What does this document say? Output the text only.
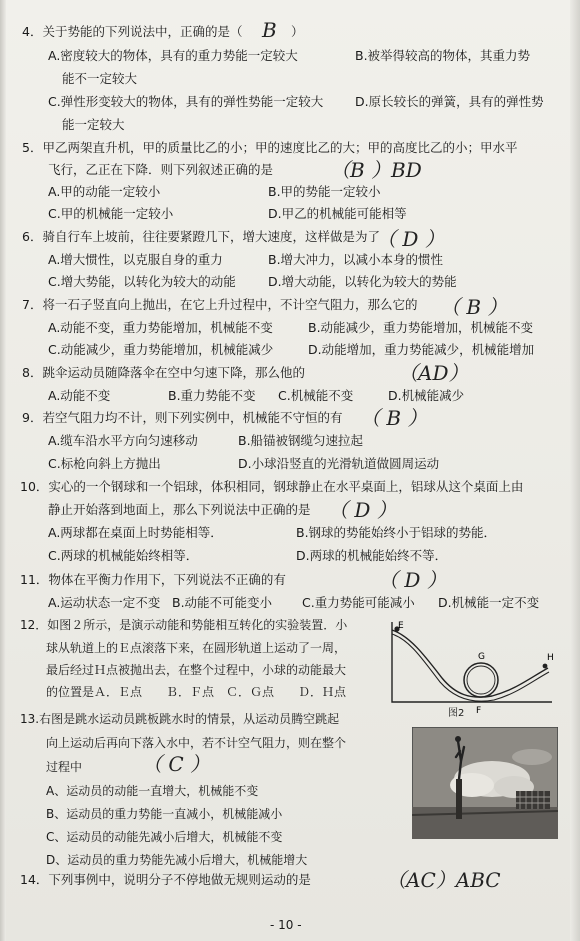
4．关于势能的下列说法中，正确的是（ B ）
A.密度较大的物体，具有的重力势能一定较大	B.被举得较高的物体，其重力势
能不一定较大
C.弹性形变较大的物体，具有的弹性势能一定较大	D.原长较长的弹簧，具有的弹性势
能一定较大
5．甲乙两架直升机，甲的质量比乙的小；甲的速度比乙的大；甲的高度比乙的小；甲水平
飞行，乙正在下降．则下列叙述正确的是	（B ）BD
A.甲的动能一定较小	B.甲的势能一定较小
C.甲的机械能一定较小	D.甲乙的机械能可能相等
6．骑自行车上坡前，往往要紧蹬几下，增大速度，这样做是为了
（ D ）
A.增大惯性，以克服自身的重力	B.增大冲力，以减小本身的惯性
C.增大势能，以转化为较大的动能	D.增大动能，以转化为较大的势能
7．将一石子竖直向上抛出，在它上升过程中，不计空气阻力，那么它的 （ B ）
A.动能不变，重力势能增加，机械能不变	B.动能减少，重力势能增加，机械能不变
C.动能减少，重力势能增加，机械能减少	D.动能增加，重力势能减少，机械能增加
8．跳伞运动员随降落伞在空中匀速下降，那么他的	（AD）
A.动能不变	B.重力势能不变 C.机械能不变	D.机械能减少
9．若空气阻力均不计，则下列实例中，机械能不守恒的有 （ B ）
A.缆车沿水平方向匀速移动	B.船锚被钢缆匀速拉起
C.标枪向斜上方抛出	D.小球沿竖直的光滑轨道做圆周运动
10．实心的一个钢球和一个铝球，体积相同，钢球静止在水平桌面上，铝球从这个桌面上由
静止开始落到地面上，那么下列说法中正确的是 （ D ）
A.两球都在桌面上时势能相等．	B.钢球的势能始终小于铝球的势能．
C.两球的机械能始终相等．	D.两球的机械能始终不等．
11．物体在平衡力作用下，下列说法不正确的有	（ D ）
A.运动状态一定不变 B.动能不可能变小 C.重力势能可能减小 D.机械能一定不变
12．如图２所示，是演示动能和势能相互转化的实验装置．小
球从轨道上的Ｅ点滚落下来，在圆形轨道上运动了一周，
最后经过Ｈ点被抛出去，在整个过程中，小球的动能最大
的位置是Ａ．Ｅ点　　Ｂ．Ｆ点　Ｃ．Ｇ点　　Ｄ．Ｈ点
E
G
F
H
图2
13.右图是跳水运动员跳板跳水时的情景，从运动员腾空跳起
向上运动后再向下落入水中，若不计空气阻力，则在整个
过程中	（ C ）
A、运动员的动能一直增大，机械能不变
B、运动员的重力势能一直减小，机械能减小
C、运动员的动能先减小后增大，机械能不变
D、运动员的重力势能先减小后增大，机械能增大
14．下列事例中，说明分子不停地做无规则运动的是	（AC）ABC
- 10 -
